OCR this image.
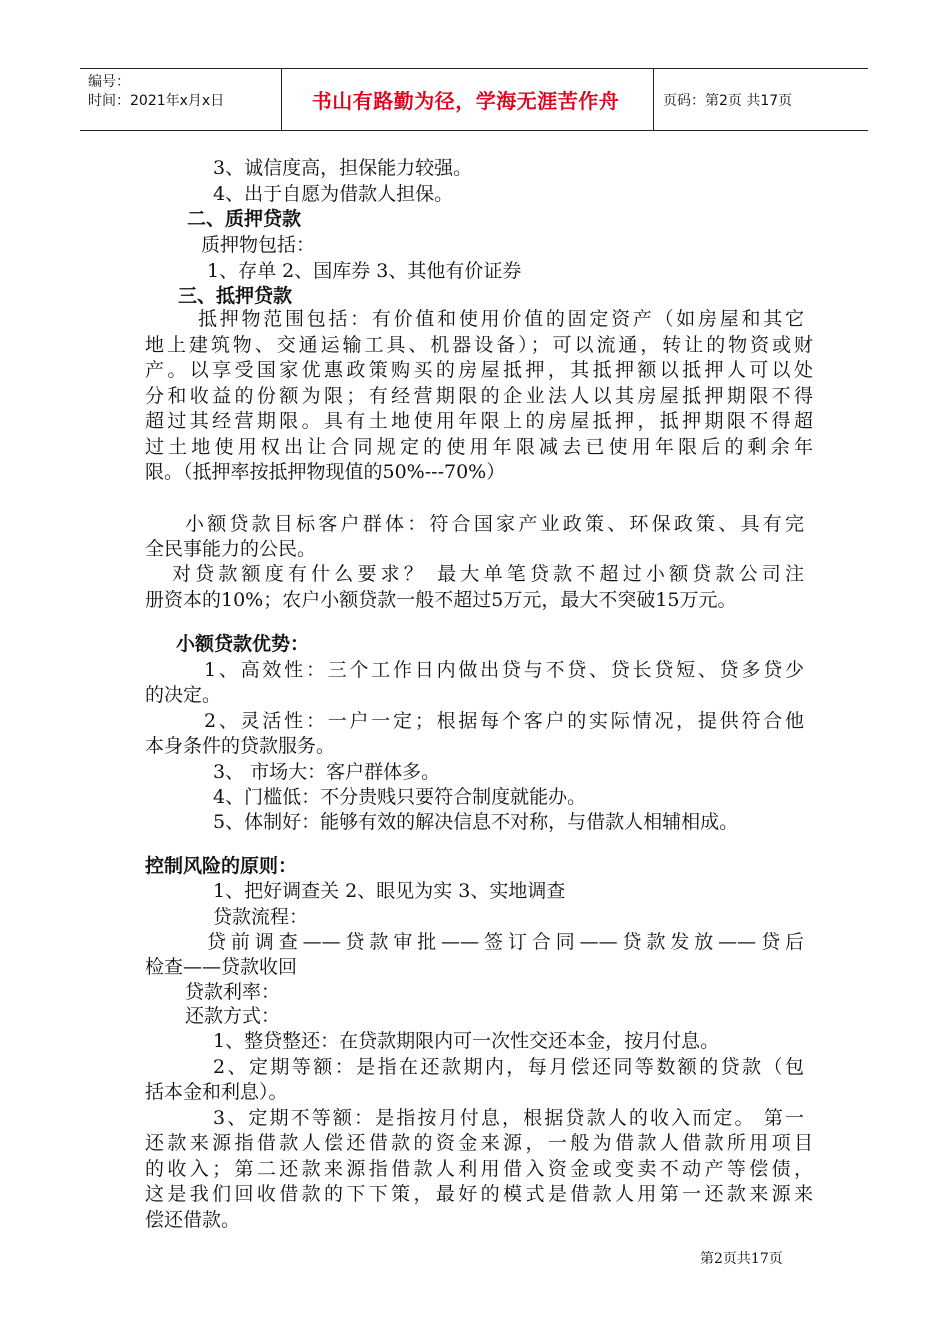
编号：
时间：2021年x月x日	书山有路勤为径，学海无涯苦作舟	页码：第2页 共17页
3、诚信度高，担保能力较强。
4、出于自愿为借款人担保。
二、质押贷款
质押物包括：
1、存单 2、国库券 3、其他有价证券
三、抵押贷款
抵押物范围包括：有价值和使用价值的固定资产（如房屋和其它
地上建筑物、交通运输工具、机器设备）；可以流通，转让的物资或财
产。以享受国家优惠政策购买的房屋抵押，其抵押额以抵押人可以处
分和收益的份额为限；有经营期限的企业法人以其房屋抵押期限不得
超过其经营期限。具有土地使用年限上的房屋抵押，抵押期限不得超
过土地使用权出让合同规定的使用年限减去已使用年限后的剩余年
限。（抵押率按抵押物现值的50%---70%）
小额贷款目标客户群体：符合国家产业政策、环保政策、具有完
全民事能力的公民。
对贷款额度有什么要求？ 最大单笔贷款不超过小额贷款公司注
册资本的10%；农户小额贷款一般不超过5万元，最大不突破15万元。
小额贷款优势：
1、高效性：三个工作日内做出贷与不贷、贷长贷短、贷多贷少
的决定。
2、灵活性：一户一定；根据每个客户的实际情况，提供符合他
本身条件的贷款服务。
3、 市场大：客户群体多。
4、门槛低：不分贵贱只要符合制度就能办。
5、体制好：能够有效的解决信息不对称，与借款人相辅相成。
控制风险的原则：
1、把好调查关 2、眼见为实 3、实地调查
贷款流程：
贷前调查——贷款审批——签订合同——贷款发放——贷后
检查——贷款收回
贷款利率：
还款方式：
1、整贷整还：在贷款期限内可一次性交还本金，按月付息。
2、定期等额：是指在还款期内，每月偿还同等数额的贷款（包
括本金和利息）。
3、定期不等额：是指按月付息，根据贷款人的收入而定。 第一
还款来源指借款人偿还借款的资金来源，一般为借款人借款所用项目
的收入；第二还款来源指借款人利用借入资金或变卖不动产等偿债，
这是我们回收借款的下下策，最好的模式是借款人用第一还款来源来
偿还借款。
第2页共17页
